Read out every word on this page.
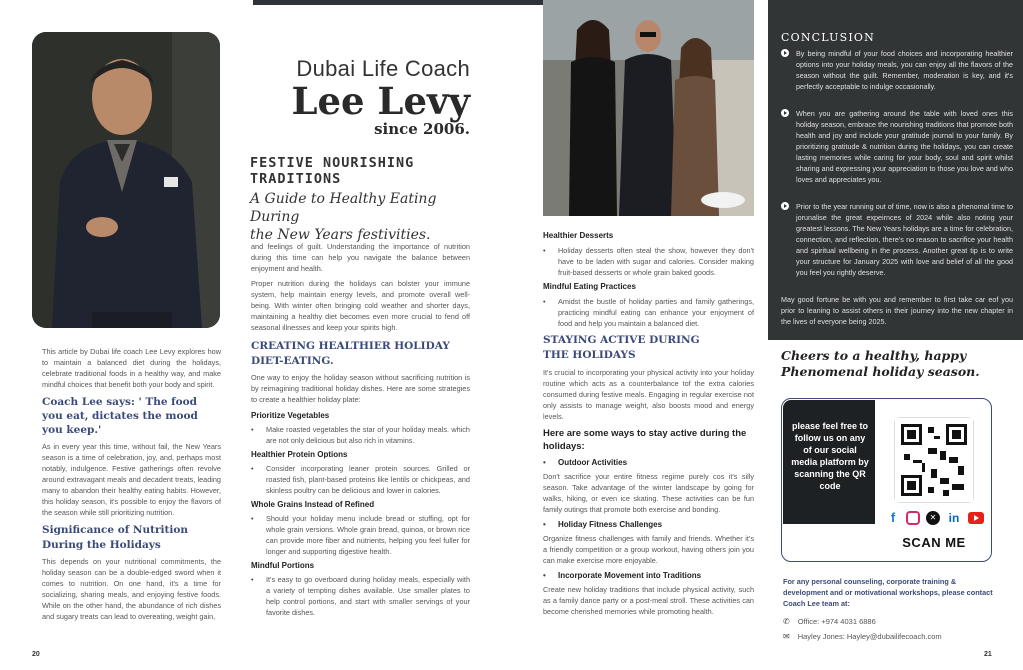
Dubai Life Coach
Lee Levy
since 2006.
FESTIVE NOURISHING TRADITIONS
A Guide to Healthy Eating During
the New Years festivities.

This article by Dubai life coach Lee Levy explores how to maintain a balanced diet during the holidays, celebrate traditional foods in a healthy way, and make mindful choices that benefit both your body and spirit.

Coach Lee says: ' The food you eat, dictates the mood you keep.'

As in every year this time, without fail, the New Years season is a time of celebration, joy, and, perhaps most notably, indulgence. Festive gatherings often revolve around extravagant meals and decadent treats, leading many to abandon their healthy eating habits. However, this holiday season, it's possible to enjoy the flavors of the season while still prioritizing nutrition.

Significance of Nutrition During the Holidays

This depends on your nutritional commitments, the holiday season can be a double-edged sword when it comes to nutrition. On one hand, it's a time for socializing, sharing meals, and enjoying festive foods. While on the other hand, the abundance of rich dishes and sugary treats can lead to overeating, weight gain,

and feelings of guilt. Understanding the importance of nutrition during this time can help you navigate the balance between enjoyment and health.

Proper nutrition during the holidays can bolster your immune system, help maintain energy levels, and promote overall well-being. With winter often bringing cold weather and shorter days, maintaining a healthy diet becomes even more crucial to fend off seasonal illnesses and keep your spirits high.

CREATING HEALTHIER HOLIDAY DIET-EATING.

One way to enjoy the holiday season without sacrificing nutrition is by reimagining traditional holiday dishes. Here are some strategies to create a healthier holiday plate:

Prioritize Vegetables
• Make roasted vegetables the star of your holiday meals. which are not only delicious but also rich in vitamins.
Healthier Protein Options
• Consider incorporating leaner protein sources. Grilled or roasted fish, plant-based proteins like lentils or chickpeas, and skinless poultry can be delicious and lower in calories.
Whole Grains Instead of Refined
• Should your holiday menu include bread or stuffing, opt for whole grain versions. Whole grain bread, quinoa, or brown rice can provide more fiber and nutrients, helping you feel fuller for longer and supporting digestive health.
Mindful Portions
• It's easy to go overboard during holiday meals, especially with a variety of tempting dishes available. Use smaller plates to help control portions, and start with smaller servings of your favorite dishes.
Healthier Desserts
• Holiday desserts often steal the show, however they don't have to be laden with sugar and calories. Consider making fruit-based desserts or whole grain baked goods.
Mindful Eating Practices
• Amidst the bustle of holiday parties and family gatherings, practicing mindful eating can enhance your enjoyment of food and help you maintain a balanced diet.
STAYING ACTIVE DURING THE HOLIDAYS

It's crucial to incorporating your physical activity into your holiday routine which acts as a counterbalance tof the extra calories consumed during festive meals. Engaging in regular exercise not only assists to manage weight, also boosts mood and energy levels.

Here are some ways to stay active during the holidays:
• Outdoor Activities

Don't sacrifice your entire fitness regime purely cos it's silly season. Take advantage of the winter landscape by going for walks, hiking, or even ice skating. These activities can be fun family outings that promote both exercise and bonding.

• Holiday Fitness Challenges

Organize fitness challenges with family and friends. Whether it's a friendly competition or a group workout, having others join you can make exercise more enjoyable.

• Incorporate Movement into Traditions

Create new holiday traditions that include physical activity, such as a family dance party or a post-meal stroll. These activities can become cherished memories while promoting health.

CONCLUSION

By being mindful of your food choices and incorporating healthier options into your holiday meals, you can enjoy all the flavors of the season without the guilt. Remember, moderation is key, and it's perfectly acceptable to indulge occasionally.

When you are gathering around the table with loved ones this holiday season, embrace the nourishing traditions that promote both health and joy and include your gratitude journal to your family. By prioritizing gratitude & nutrition during the holidays, you can create lasting memories while caring for your body, soul and spirit whilst sharing and expressing your appreciation to those you love and who loves and appreciates you.

Prior to the year running out of time, now is also a phenomal time to jorunalise the great expeirnces of 2024 while also noting your greatest lessons. The New Years holidays are a time for celebration, connection, and reflection, there's no reason to sacrifice your health and spiritual wellbeing in the process. Another great tip is to write your structure for January 2025 with love and belief of all the good you feel you rightly deserve.

May good fortune be with you and remember to first take car eof you prior to leaning to assist others in their journey into the new chapter in the lives of everyone being 2025.

Cheers to a healthy, happy Phenomenal holiday season.
please feel free to follow us on any of our social media platform by scanning the QR code
f	✕	in
SCAN ME
For any personal counseling, corporate training & development and or motivational workshops, please contact Coach Lee team at:
✆ Office: +974 4031 6886
✉ Hayley Jones: Hayley@dubailifecoach.com
20	21
